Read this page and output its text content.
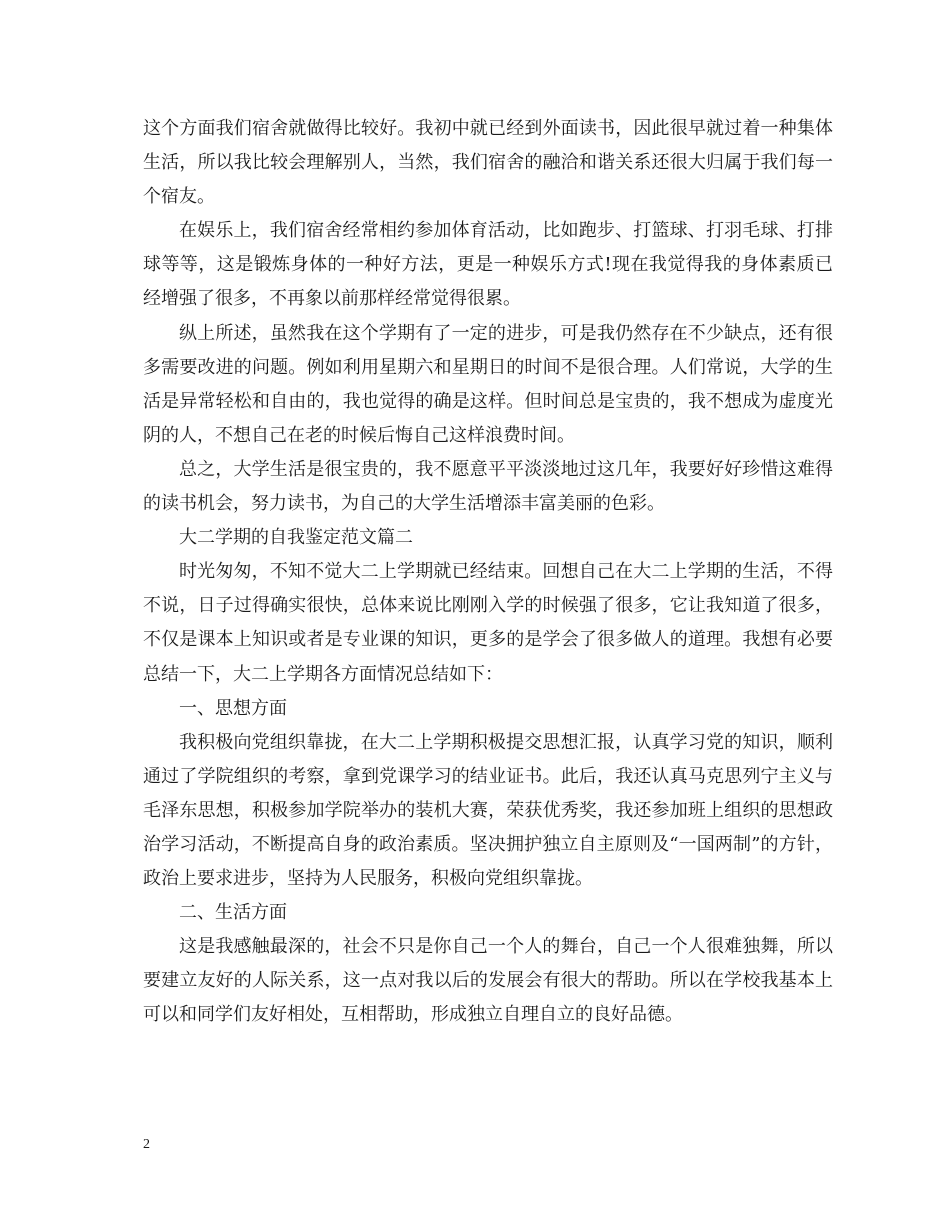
这个方面我们宿舍就做得比较好。我初中就已经到外面读书，因此很早就过着一种集体生活，所以我比较会理解别人，当然，我们宿舍的融洽和谐关系还很大归属于我们每一个宿友。

在娱乐上，我们宿舍经常相约参加体育活动，比如跑步、打篮球、打羽毛球、打排球等等，这是锻炼身体的一种好方法，更是一种娱乐方式!现在我觉得我的身体素质已经增强了很多，不再象以前那样经常觉得很累。

纵上所述，虽然我在这个学期有了一定的进步，可是我仍然存在不少缺点，还有很多需要改进的问题。例如利用星期六和星期日的时间不是很合理。人们常说，大学的生活是异常轻松和自由的，我也觉得的确是这样。但时间总是宝贵的，我不想成为虚度光阴的人，不想自己在老的时候后悔自己这样浪费时间。

总之，大学生活是很宝贵的，我不愿意平平淡淡地过这几年，我要好好珍惜这难得的读书机会，努力读书，为自己的大学生活增添丰富美丽的色彩。

大二学期的自我鉴定范文篇二

时光匆匆，不知不觉大二上学期就已经结束。回想自己在大二上学期的生活，不得不说，日子过得确实很快，总体来说比刚刚入学的时候强了很多，它让我知道了很多，不仅是课本上知识或者是专业课的知识，更多的是学会了很多做人的道理。我想有必要总结一下，大二上学期各方面情况总结如下：

一、思想方面

我积极向党组织靠拢，在大二上学期积极提交思想汇报，认真学习党的知识，顺利通过了学院组织的考察，拿到党课学习的结业证书。此后，我还认真马克思列宁主义与毛泽东思想，积极参加学院举办的装机大赛，荣获优秀奖，我还参加班上组织的思想政治学习活动，不断提高自身的政治素质。坚决拥护独立自主原则及“一国两制”的方针，政治上要求进步，坚持为人民服务，积极向党组织靠拢。

二、生活方面

这是我感触最深的，社会不只是你自己一个人的舞台，自己一个人很难独舞，所以要建立友好的人际关系，这一点对我以后的发展会有很大的帮助。所以在学校我基本上可以和同学们友好相处，互相帮助，形成独立自理自立的良好品德。

2
